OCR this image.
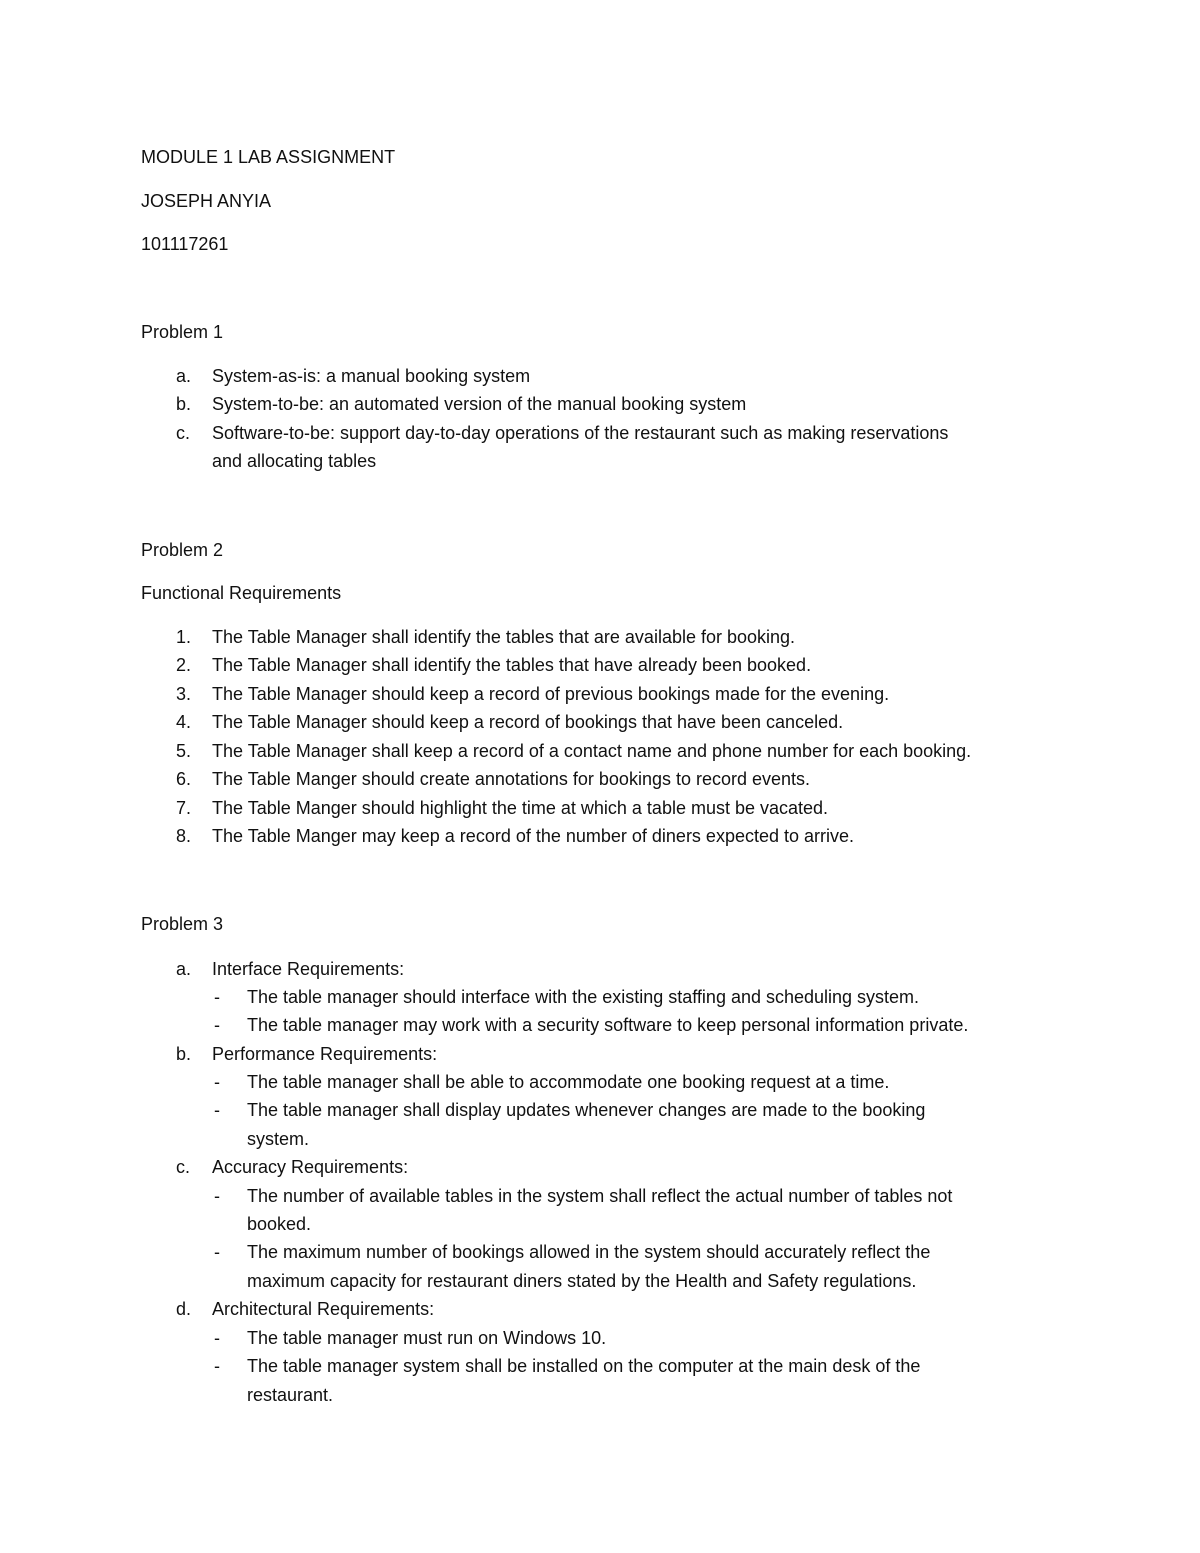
MODULE 1 LAB ASSIGNMENT
JOSEPH ANYIA
101117261
Problem 1
a. System-as-is: a manual booking system
b. System-to-be: an automated version of the manual booking system
c. Software-to-be: support day-to-day operations of the restaurant such as making reservations
and allocating tables
Problem 2
Functional Requirements
1. The Table Manager shall identify the tables that are available for booking.
2. The Table Manager shall identify the tables that have already been booked.
3. The Table Manager should keep a record of previous bookings made for the evening.
4. The Table Manager should keep a record of bookings that have been canceled.
5. The Table Manager shall keep a record of a contact name and phone number for each booking.
6. The Table Manger should create annotations for bookings to record events.
7. The Table Manger should highlight the time at which a table must be vacated.
8. The Table Manger may keep a record of the number of diners expected to arrive.
Problem 3
a. Interface Requirements:
- The table manager should interface with the existing staffing and scheduling system.
- The table manager may work with a security software to keep personal information private.
b. Performance Requirements:
- The table manager shall be able to accommodate one booking request at a time.
- The table manager shall display updates whenever changes are made to the booking
system.
c. Accuracy Requirements:
- The number of available tables in the system shall reflect the actual number of tables not
booked.
- The maximum number of bookings allowed in the system should accurately reflect the
maximum capacity for restaurant diners stated by the Health and Safety regulations.
d. Architectural Requirements:
- The table manager must run on Windows 10.
- The table manager system shall be installed on the computer at the main desk of the
restaurant.
